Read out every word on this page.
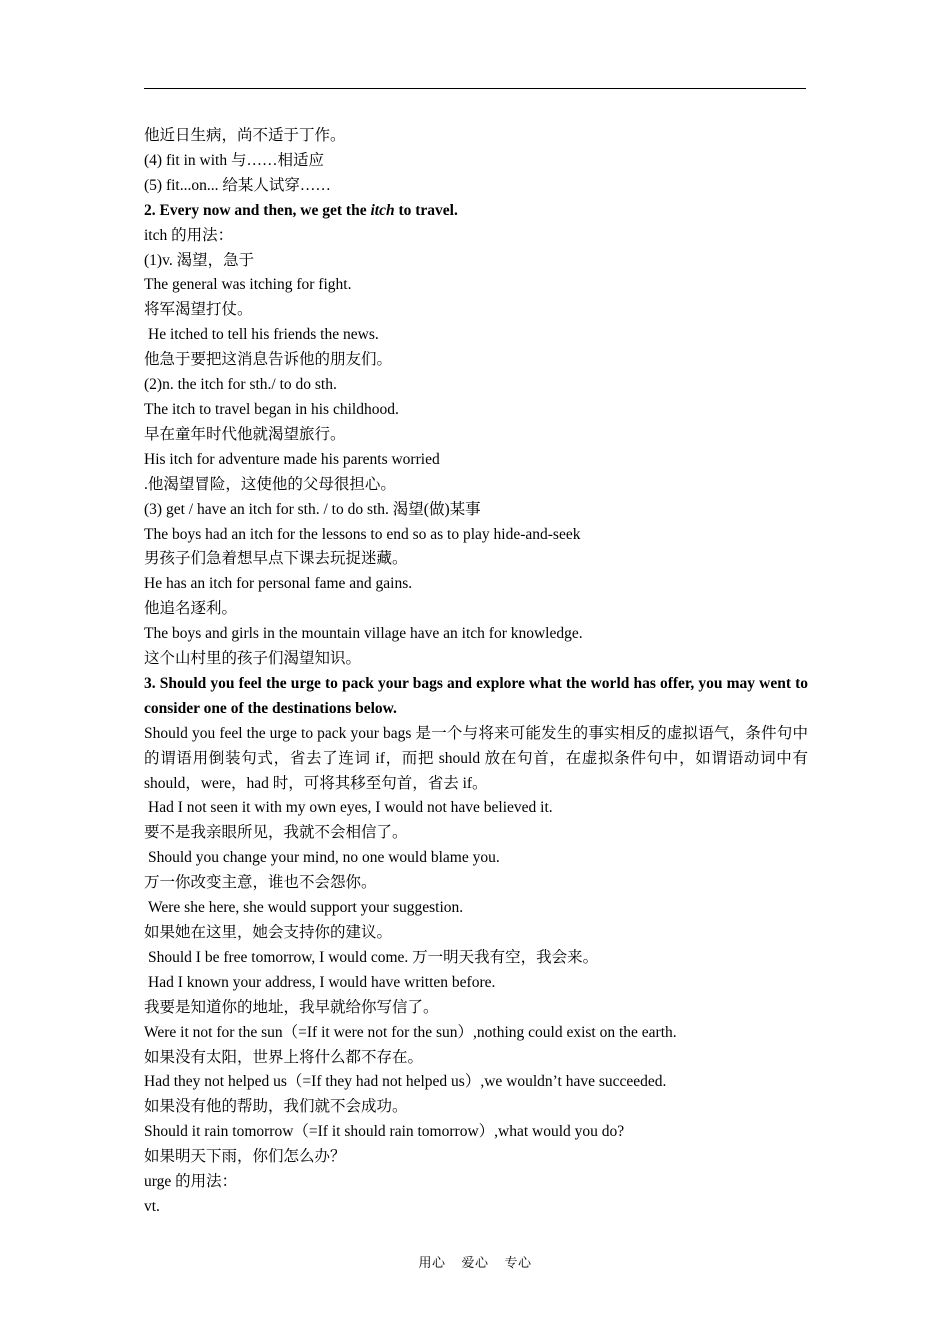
他近日生病，尚不适于丁作。
(4) fit in with 与……相适应
(5) fit...on... 给某人试穿……
2. Every now and then, we get the itch to travel.
itch 的用法：
(1)v. 渴望，急于
The general was itching for fight.
将军渴望打仗。
He itched to tell his friends the news.
他急于要把这消息告诉他的朋友们。
(2)n. the itch for sth./ to do sth.
The itch to travel began in his childhood.
早在童年时代他就渴望旅行。
His itch for adventure made his parents worried
.他渴望冒险，这使他的父母很担心。
(3) get / have an itch for sth. / to do sth. 渴望(做)某事
The boys had an itch for the lessons to end so as to play hide-and-seek
男孩子们急着想早点下课去玩捉迷藏。
He has an itch for personal fame and gains.
他追名逐利。
The boys and girls in the mountain village have an itch for knowledge.
这个山村里的孩子们渴望知识。
3. Should you feel the urge to pack your bags and explore what the world has offer, you may went to consider one of the destinations below.
Should you feel the urge to pack your bags 是一个与将来可能发生的事实相反的虚拟语气，条件句中的谓语用倒装句式，省去了连词 if，而把 should 放在句首，在虚拟条件句中，如谓语动词中有 should，were，had 时，可将其移至句首，省去 if。
Had I not seen it with my own eyes, I would not have believed it.
要不是我亲眼所见，我就不会相信了。
Should you change your mind, no one would blame you.
万一你改变主意，谁也不会怨你。
Were she here, she would support your suggestion.
如果她在这里，她会支持你的建议。
Should I be free tomorrow, I would come. 万一明天我有空，我会来。
Had I known your address, I would have written before.
我要是知道你的地址，我早就给你写信了。
Were it not for the sun（=If it were not for the sun）,nothing could exist on the earth.
如果没有太阳，世界上将什么都不存在。
Had they not helped us（=If they had not helped us）,we wouldn’t have succeeded.
如果没有他的帮助，我们就不会成功。
Should it rain tomorrow（=If it should rain tomorrow）,what would you do?
如果明天下雨，你们怎么办？
urge 的用法：
vt.
用心 爱心 专心
